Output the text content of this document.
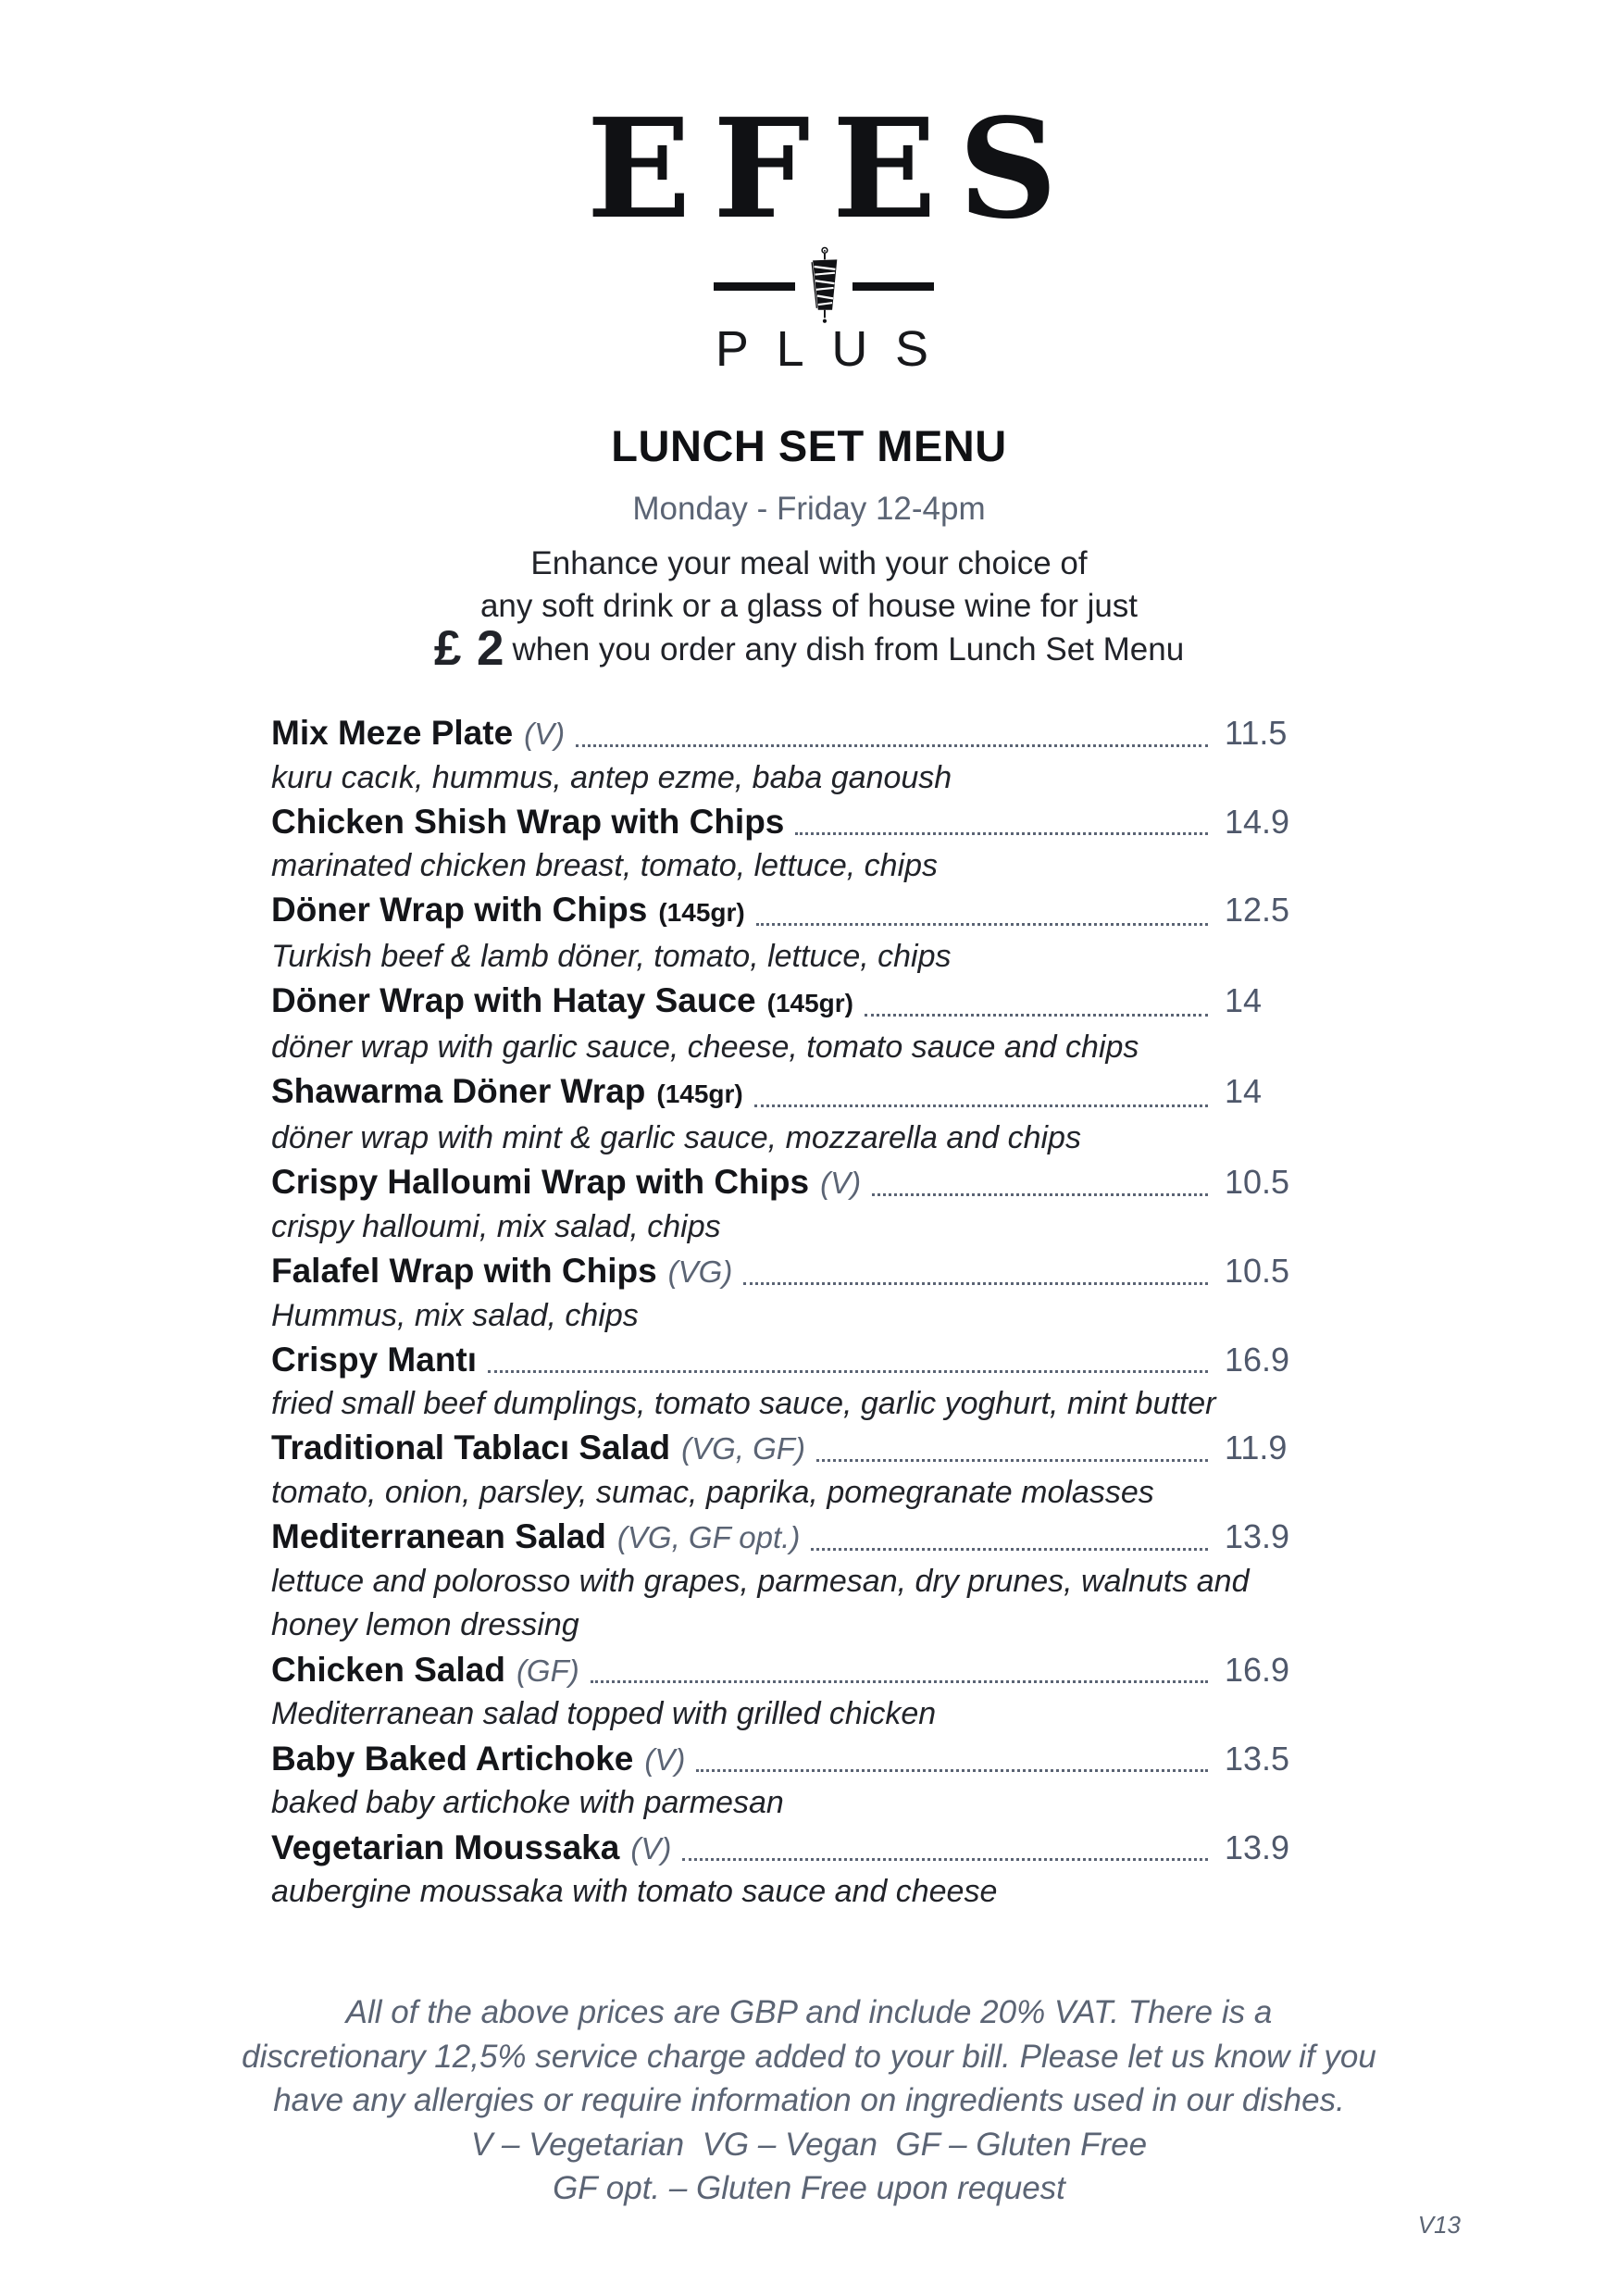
EFES
PLUS
LUNCH SET MENU
Monday - Friday 12-4pm
Enhance your meal with your choice of
any soft drink or a glass of house wine for just
£ 2 when you order any dish from Lunch Set Menu
Mix Meze Plate (V)	11.5
kuru cacık, hummus, antep ezme, baba ganoush
Chicken Shish Wrap with Chips	14.9
marinated chicken breast, tomato, lettuce, chips
Döner Wrap with Chips (145gr)	12.5
Turkish beef & lamb döner, tomato, lettuce, chips
Döner Wrap with Hatay Sauce (145gr)	14
döner wrap with garlic sauce, cheese, tomato sauce and chips
Shawarma Döner Wrap (145gr)	14
döner wrap with mint & garlic sauce, mozzarella and chips
Crispy Halloumi Wrap with Chips (V)	10.5
crispy halloumi, mix salad, chips
Falafel Wrap with Chips (VG)	10.5
Hummus, mix salad, chips
Crispy Mantı	16.9
fried small beef dumplings, tomato sauce, garlic yoghurt, mint butter
Traditional Tablacı Salad (VG, GF)	11.9
tomato, onion, parsley, sumac, paprika, pomegranate molasses
Mediterranean Salad (VG, GF opt.)	13.9
lettuce and polorosso with grapes, parmesan, dry prunes, walnuts and honey lemon dressing
Chicken Salad (GF)	16.9
Mediterranean salad topped with grilled chicken
Baby Baked Artichoke (V)	13.5
baked baby artichoke with parmesan
Vegetarian Moussaka (V)	13.9
aubergine moussaka with tomato sauce and cheese
All of the above prices are GBP and include 20% VAT. There is a
discretionary 12,5% service charge added to your bill. Please let us know if you
have any allergies or require information on ingredients used in our dishes.
V – Vegetarian  VG – Vegan  GF – Gluten Free
GF opt. – Gluten Free upon request
V13
